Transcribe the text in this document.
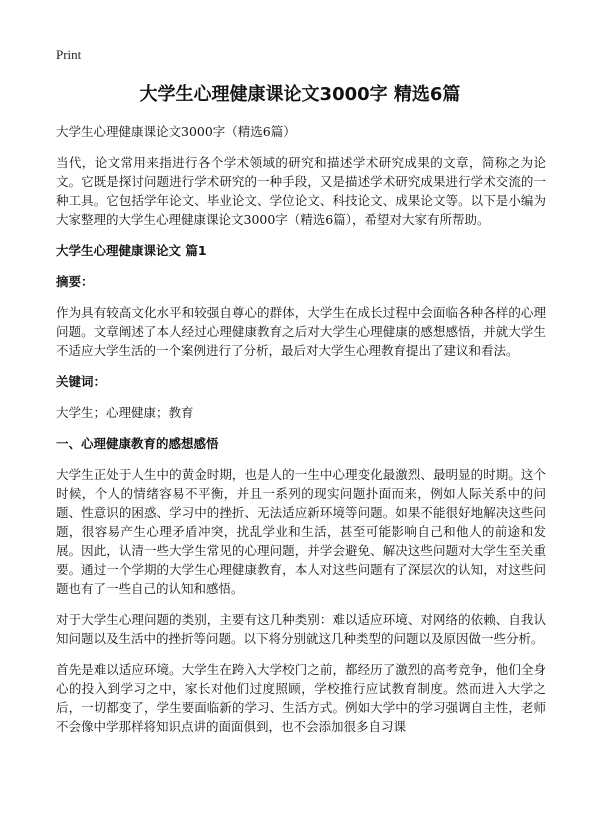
Print
大学生心理健康课论文3000字 精选6篇

大学生心理健康课论文3000字（精选6篇）

当代，论文常用来指进行各个学术领域的研究和描述学术研究成果的文章，简称之为论文。它既是探讨问题进行学术研究的一种手段，又是描述学术研究成果进行学术交流的一种工具。它包括学年论文、毕业论文、学位论文、科技论文、成果论文等。以下是小编为大家整理的大学生心理健康课论文3000字（精选6篇），希望对大家有所帮助。

大学生心理健康课论文 篇1
摘要：

作为具有较高文化水平和较强自尊心的群体，大学生在成长过程中会面临各种各样的心理问题。文章阐述了本人经过心理健康教育之后对大学生心理健康的感想感悟，并就大学生不适应大学生活的一个案例进行了分析，最后对大学生心理教育提出了建议和看法。

关键词：

大学生；心理健康；教育

一、心理健康教育的感想感悟

大学生正处于人生中的黄金时期，也是人的一生中心理变化最激烈、最明显的时期。这个时候，个人的情绪容易不平衡，并且一系列的现实问题扑面而来，例如人际关系中的问题、性意识的困惑、学习中的挫折、无法适应新环境等问题。如果不能很好地解决这些问题，很容易产生心理矛盾冲突，扰乱学业和生活，甚至可能影响自己和他人的前途和发展。因此，认清一些大学生常见的心理问题，并学会避免、解决这些问题对大学生至关重要。通过一个学期的大学生心理健康教育，本人对这些问题有了深层次的认知，对这些问题也有了一些自己的认知和感悟。

对于大学生心理问题的类别，主要有这几种类别：难以适应环境、对网络的依赖、自我认知问题以及生活中的挫折等问题。以下将分别就这几种类型的问题以及原因做一些分析。

首先是难以适应环境。大学生在跨入大学校门之前，都经历了激烈的高考竞争，他们全身心的投入到学习之中，家长对他们过度照顾，学校推行应试教育制度。然而进入大学之后，一切都变了，学生要面临新的学习、生活方式。例如大学中的学习强调自主性，老师不会像中学那样将知识点讲的面面俱到，也不会添加很多自习课
